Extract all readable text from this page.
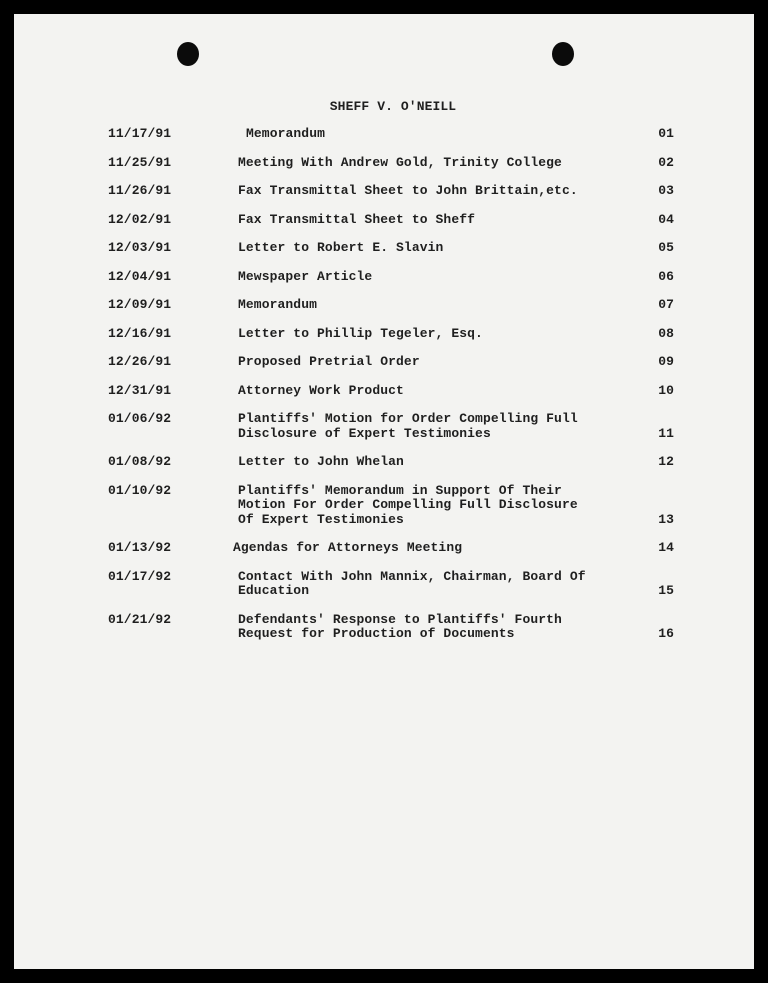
SHEFF V. O'NEILL
11/17/91	Memorandum	01
11/25/91	Meeting With Andrew Gold, Trinity College	02
11/26/91	Fax Transmittal Sheet to John Brittain,etc.	03
12/02/91	Fax Transmittal Sheet to Sheff	04
12/03/91	Letter to Robert E. Slavin	05
12/04/91	Mewspaper Article	06
12/09/91	Memorandum	07
12/16/91	Letter to Phillip Tegeler, Esq.	08
12/26/91	Proposed Pretrial Order	09
12/31/91	Attorney Work Product	10
01/06/92	Plantiffs' Motion for Order Compelling Full
Disclosure of Expert Testimonies	11
01/08/92	Letter to John Whelan	12
01/10/92	Plantiffs' Memorandum in Support Of Their
Motion For Order Compelling Full Disclosure
Of Expert Testimonies	13
01/13/92	Agendas for Attorneys Meeting	14
01/17/92	Contact With John Mannix, Chairman, Board Of
Education	15
01/21/92	Defendants' Response to Plantiffs' Fourth
Request for Production of Documents	16
